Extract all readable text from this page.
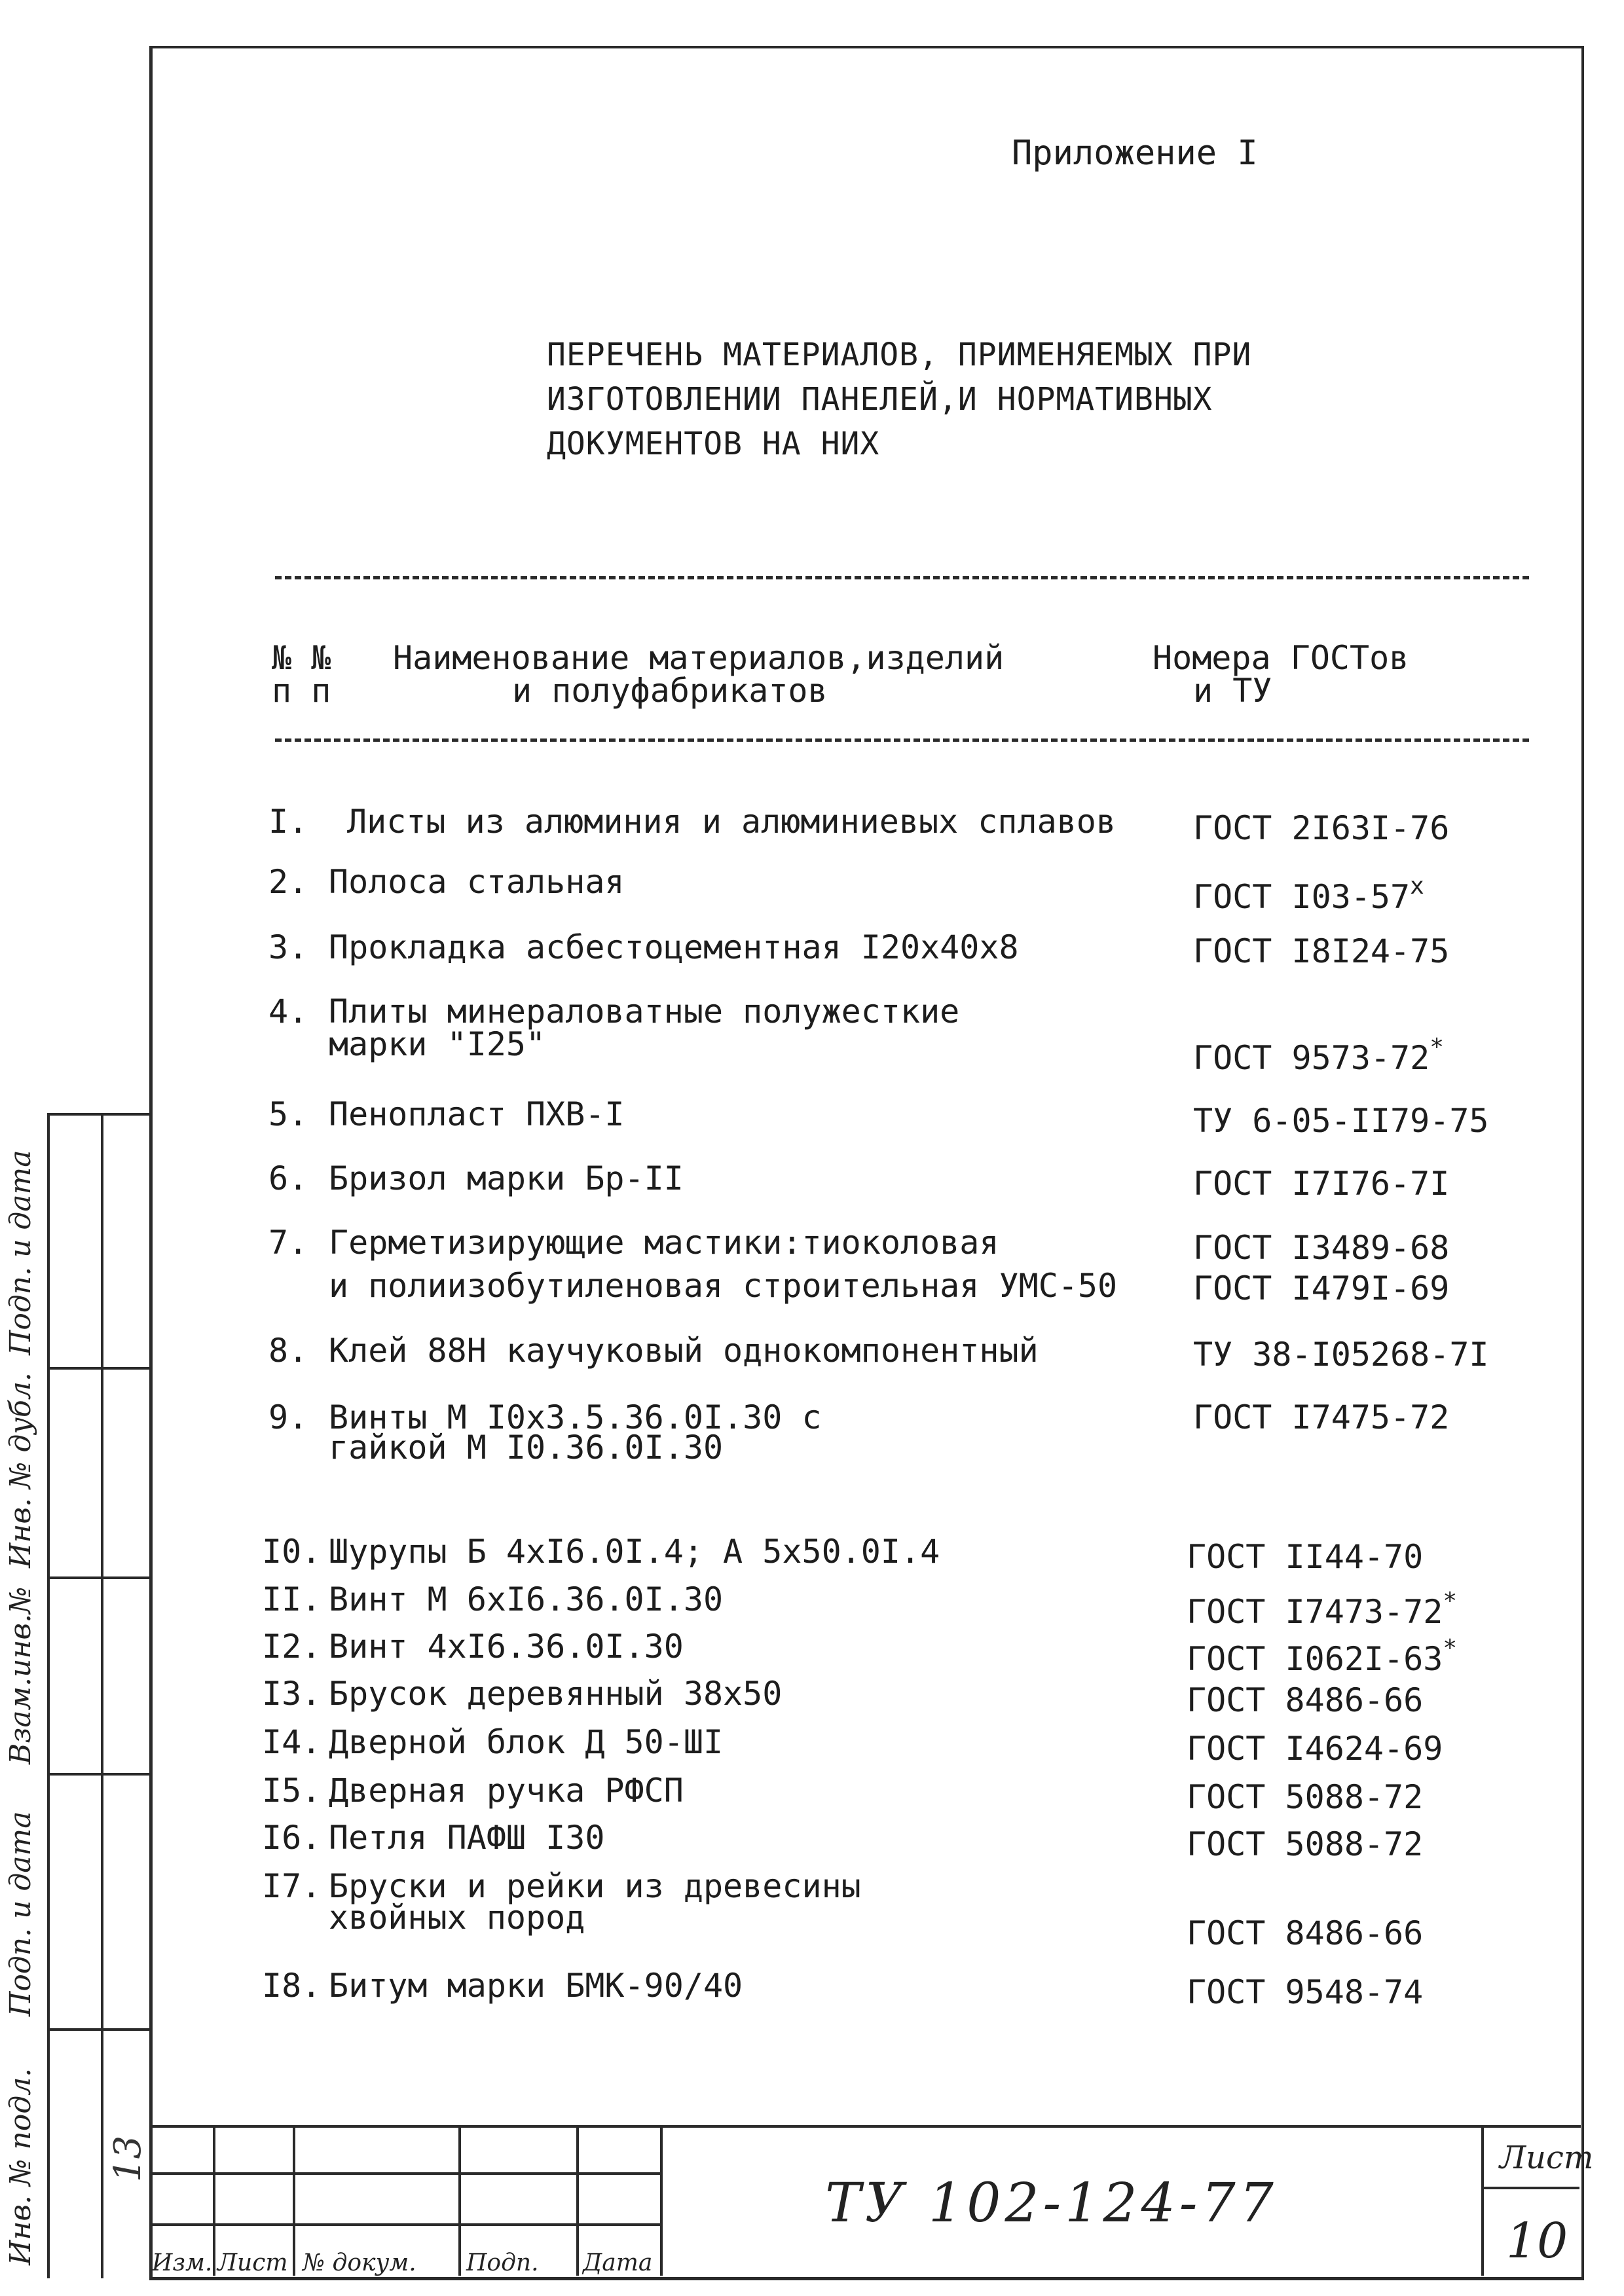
Приложение I
ПЕРЕЧЕНЬ МАТЕРИАЛОВ, ПРИМЕНЯЕМЫХ ПРИ
ИЗГОТОВЛЕНИИ ПАНЕЛЕЙ,И НОРМАТИВНЫХ
ДОКУМЕНТОВ НА НИХ
№ №
п п
Наименование материалов,изделий
и полуфабрикатов
Номера ГОСТов
и ТУ
I. Листы из алюминия и алюминиевых сплавов ГОСТ 2I63I-76
2. Полоса стальная	ГОСТ $I03-57^х$
3. Прокладка асбестоцементная I20х40х8	ГОСТ I8I24-75
4. Плиты минераловатные полужесткие
марки "I25"	ГОСТ 9573-72*
5. Пенопласт ПХВ-I	ТУ 6-05-II79-75
6. Бризол марки Бр-II	ГОСТ I7I76-7I
7. Герметизирующие мастики:тиоколовая
и полиизобутиленовая строительная УМС-50
ГОСТ I3489-68
ГОСТ I479I-69
8. Клей 88Н каучуковый однокомпонентный	ТУ 38-I05268-7I
9. Винты М I0х3.5.36.0I.30 с
гайкой М I0.36.0I.30
ГОСТ I7475-72
I0. Шурупы Б 4хI6.0I.4; А 5х50.0I.4	ГОСТ II44-70
II. Винт М 6хI6.36.0I.30	ГОСТ I7473-72*
I2. Винт 4хI6.36.0I.30	ГОСТ I062I-63*
I3. Брусок деревянный 38х50	ГОСТ 8486-66
I4. Дверной блок Д 50-ШI	ГОСТ I4624-69
I5. Дверная ручка РФСП	ГОСТ 5088-72
I6. Петля ПАФШ I30	ГОСТ 5088-72
I7. Бруски и рейки из древесины
хвойных пород	ГОСТ 8486-66
I8. Битум марки БМК-90/40	ГОСТ 9548-74
Подп. и дата
Инв. № дубл.
Взам.инв.№
Подп. и дата
Инв. № подл. 13
Изм. Лист № докум. Подп. Дата
ТУ 102-124-77
Лист
10
